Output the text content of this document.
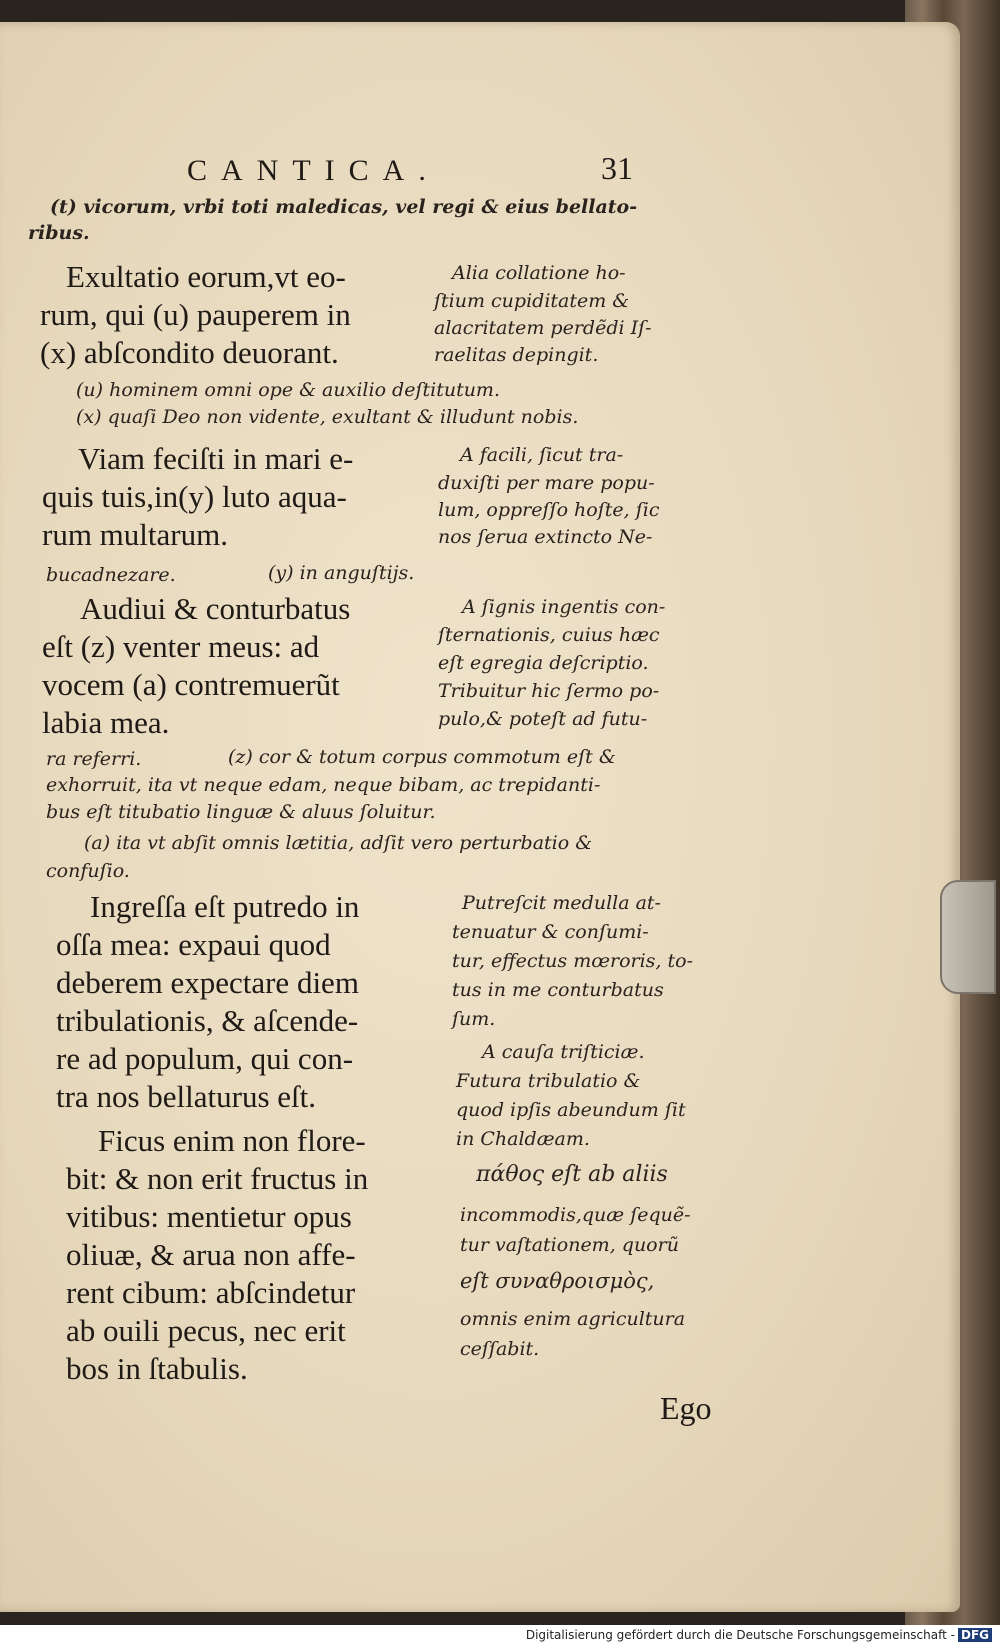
CANTICA.	31
(t) vicorum, vrbi toti maledicas, vel regi & eius bellato-
ribus.
Exultatio eorum,vt eo-
rum, qui (u) pauperem in
(x) abſcondito deuorant.
Alia collatione ho-
ſtium cupiditatem &
alacritatem perdẽdi Iſ-
raelitas depingit.
(u) hominem omni ope & auxilio deſtitutum.
(x) quaſi Deo non vidente, exultant & illudunt nobis.
Viam feciſti in mari e-
quis tuis,in(y) luto aqua-
rum multarum.
A facili, ſicut tra-
duxiſti per mare popu-
lum, oppreſſo hoſte, ſic
nos ſerua extincto Ne-
bucadnezare.	(y) in anguſtijs.
Audiui & conturbatus
eſt (z) venter meus: ad
vocem (a) contremuerũt
labia mea.
A ſignis ingentis con-
ſternationis, cuius hæc
eſt egregia deſcriptio.
Tribuitur hic ſermo po-
pulo,& poteſt ad futu-
ra referri.	(z) cor & totum corpus commotum eſt &
exhorruit, ita vt neque edam, neque bibam, ac trepidanti-
bus eſt titubatio linguæ & aluus ſoluitur.
(a) ita vt abſit omnis lætitia, adſit vero perturbatio &
confuſio.
Ingreſſa eſt putredo in
oſſa mea: expaui quod
deberem expectare diem
tribulationis, & aſcende-
re ad populum, qui con-
tra nos bellaturus eſt.
Putreſcit medulla at-
tenuatur & conſumi-
tur, effectus mœroris, to-
tus in me conturbatus
ſum.
A cauſa triſticiæ.
Futura tribulatio &
quod ipſis abeundum ſit
in Chaldæam.
Ficus enim non flore-
bit: & non erit fructus in
vitibus: mentietur opus
oliuæ, & arua non affe-
rent cibum: abſcindetur
ab ouili pecus, nec erit
bos in ſtabulis.
πάθος eſt ab aliis
incommodis,quæ ſequẽ-
tur vaſtationem, quorũ
eſt συναθροισμὸς,
omnis enim agricultura
ceſſabit.
Ego
Digitalisierung gefördert durch die Deutsche Forschungsgemeinschaft - DFG
